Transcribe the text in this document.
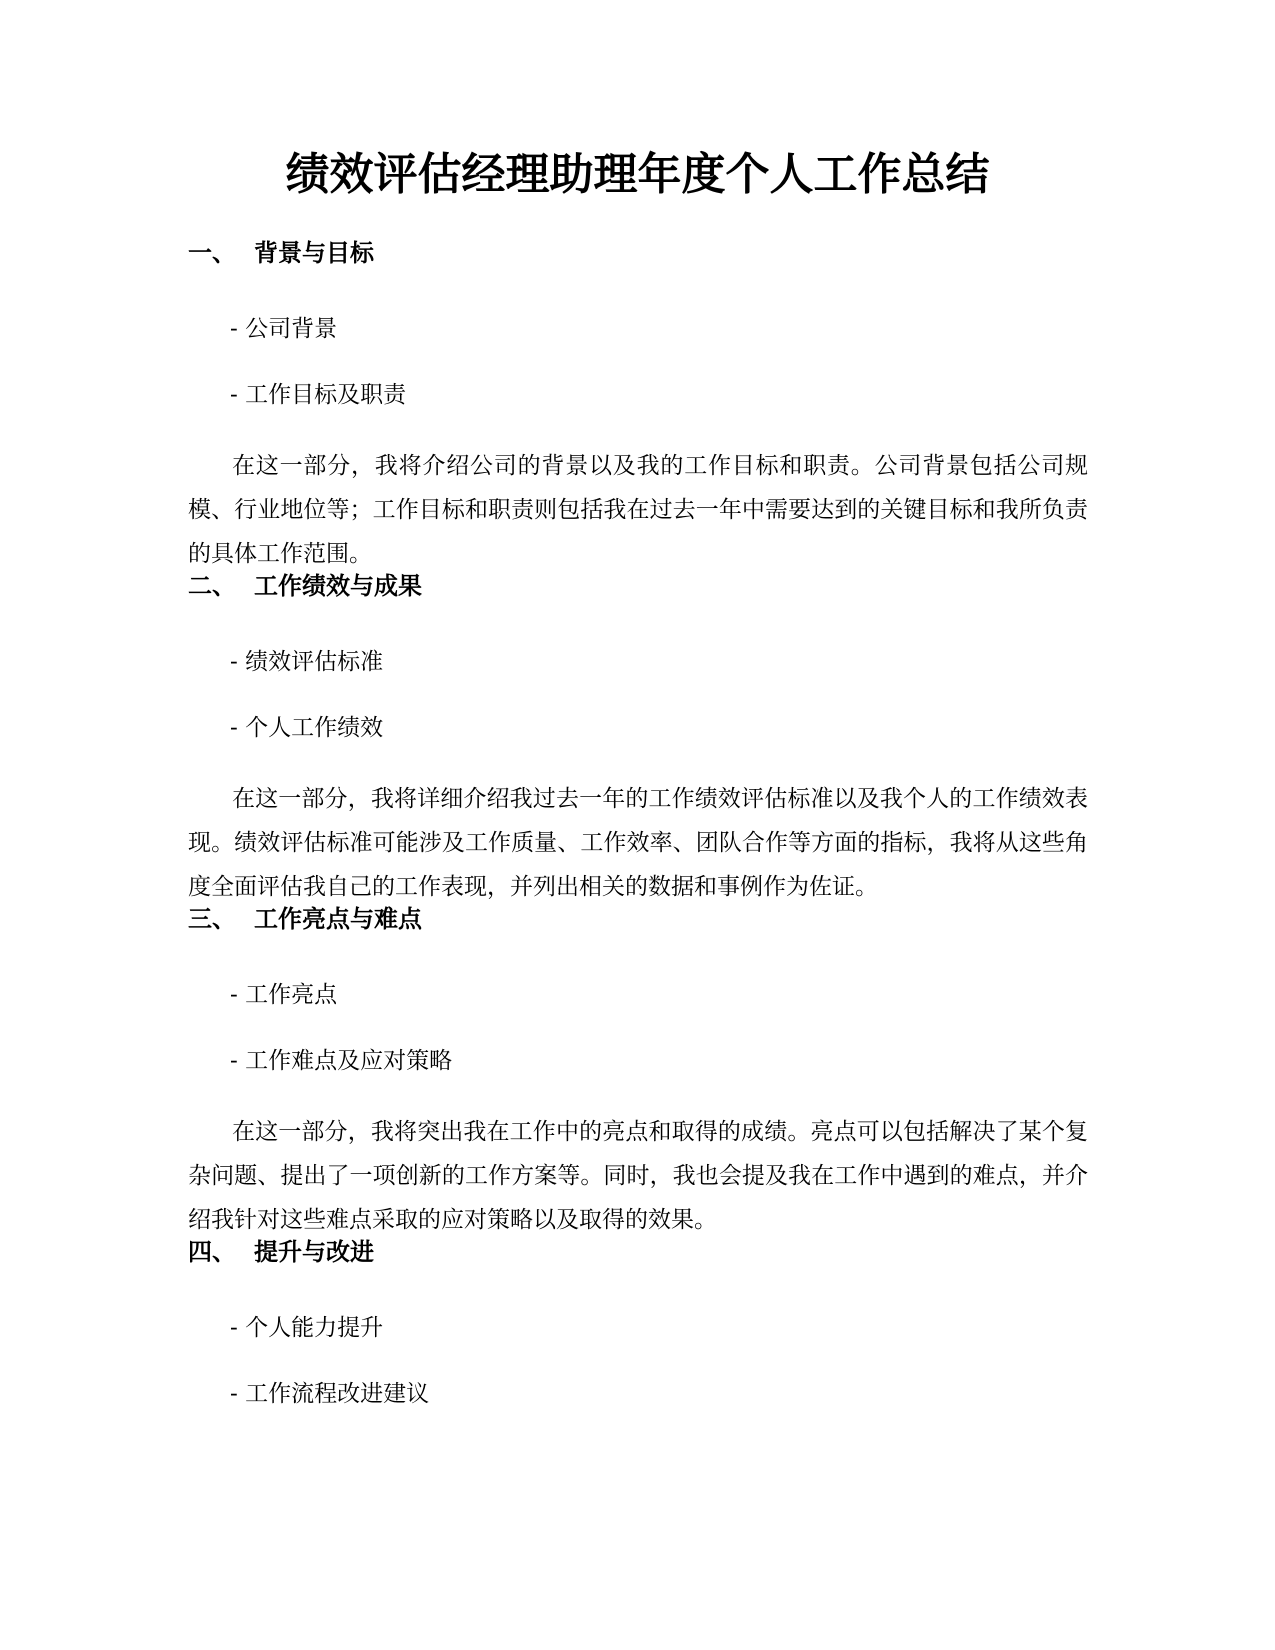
绩效评估经理助理年度个人工作总结
一、 背景与目标

- 公司背景

- 工作目标及职责

在这一部分，我将介绍公司的背景以及我的工作目标和职责。公司背景包括公司规模、行业地位等；工作目标和职责则包括我在过去一年中需要达到的关键目标和我所负责的具体工作范围。

二、 工作绩效与成果

- 绩效评估标准

- 个人工作绩效

在这一部分，我将详细介绍我过去一年的工作绩效评估标准以及我个人的工作绩效表现。绩效评估标准可能涉及工作质量、工作效率、团队合作等方面的指标，我将从这些角度全面评估我自己的工作表现，并列出相关的数据和事例作为佐证。

三、 工作亮点与难点

- 工作亮点

- 工作难点及应对策略

在这一部分，我将突出我在工作中的亮点和取得的成绩。亮点可以包括解决了某个复杂问题、提出了一项创新的工作方案等。同时，我也会提及我在工作中遇到的难点，并介绍我针对这些难点采取的应对策略以及取得的效果。

四、 提升与改进

- 个人能力提升

- 工作流程改进建议
